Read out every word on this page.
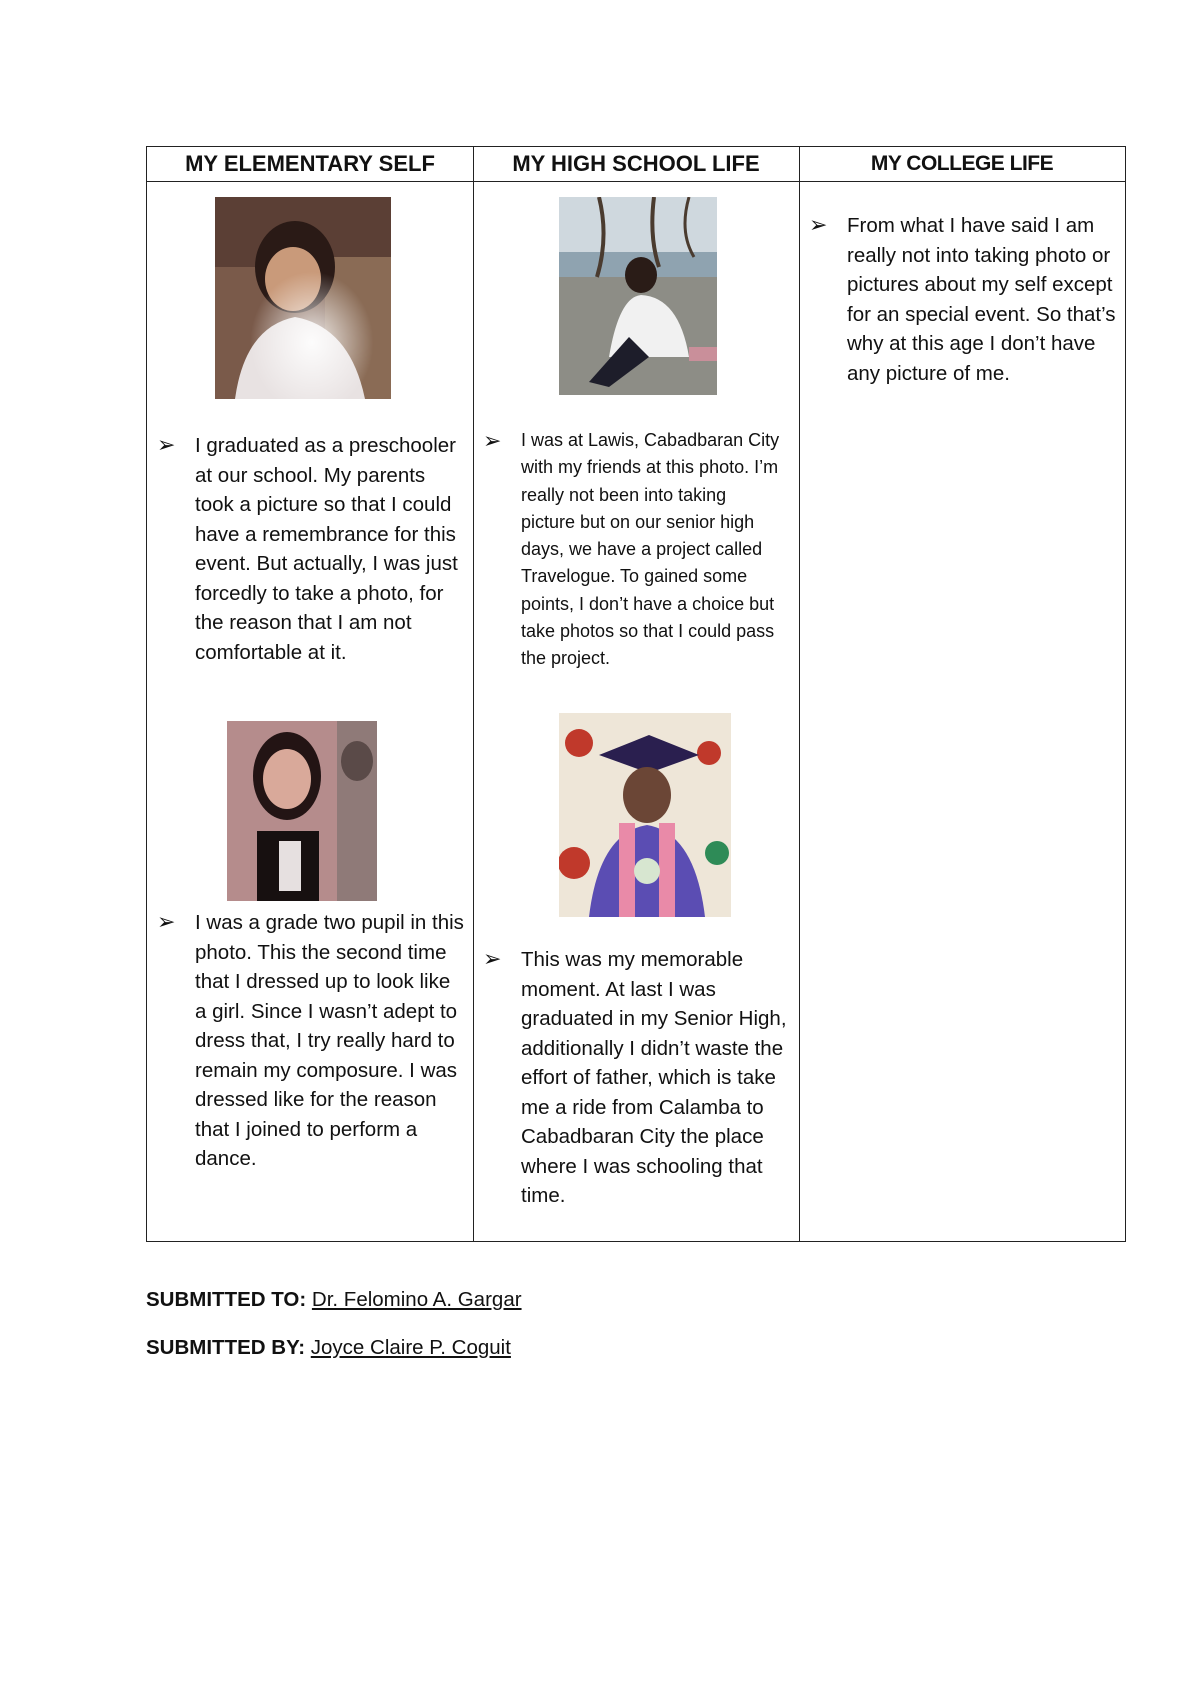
MY ELEMENTARY SELF	MY HIGH SCHOOL LIFE	MY COLLEGE LIFE
➢ I graduated as a preschooler at our school. My parents took a picture so that I could have a remembrance for this event. But actually, I was just forcedly to take a photo, for the reason that I am not comfortable at it.
➢ I was a grade two pupil in this photo. This the second time that I dressed up to look like a girl. Since I wasn’t adept to dress that, I try really hard to remain my composure. I was dressed like for the reason that I joined to perform a dance.
➢ I was at Lawis, Cabadbaran City with my friends at this photo. I’m really not been into taking picture but on our senior high days, we have a project called Travelogue. To gained some points, I don’t have a choice but take photos so that I could pass the project.
➢ This was my memorable moment. At last I was graduated in my Senior High, additionally I didn’t waste the effort of father, which is take me a ride from Calamba to Cabadbaran City the place where I was schooling that time.
➢ From what I have said I am really not into taking photo or pictures about my self except for an special event. So that’s why at this age I don’t have any picture of me.
SUBMITTED TO: Dr. Felomino A. Gargar
SUBMITTED BY: Joyce Claire P. Coguit
